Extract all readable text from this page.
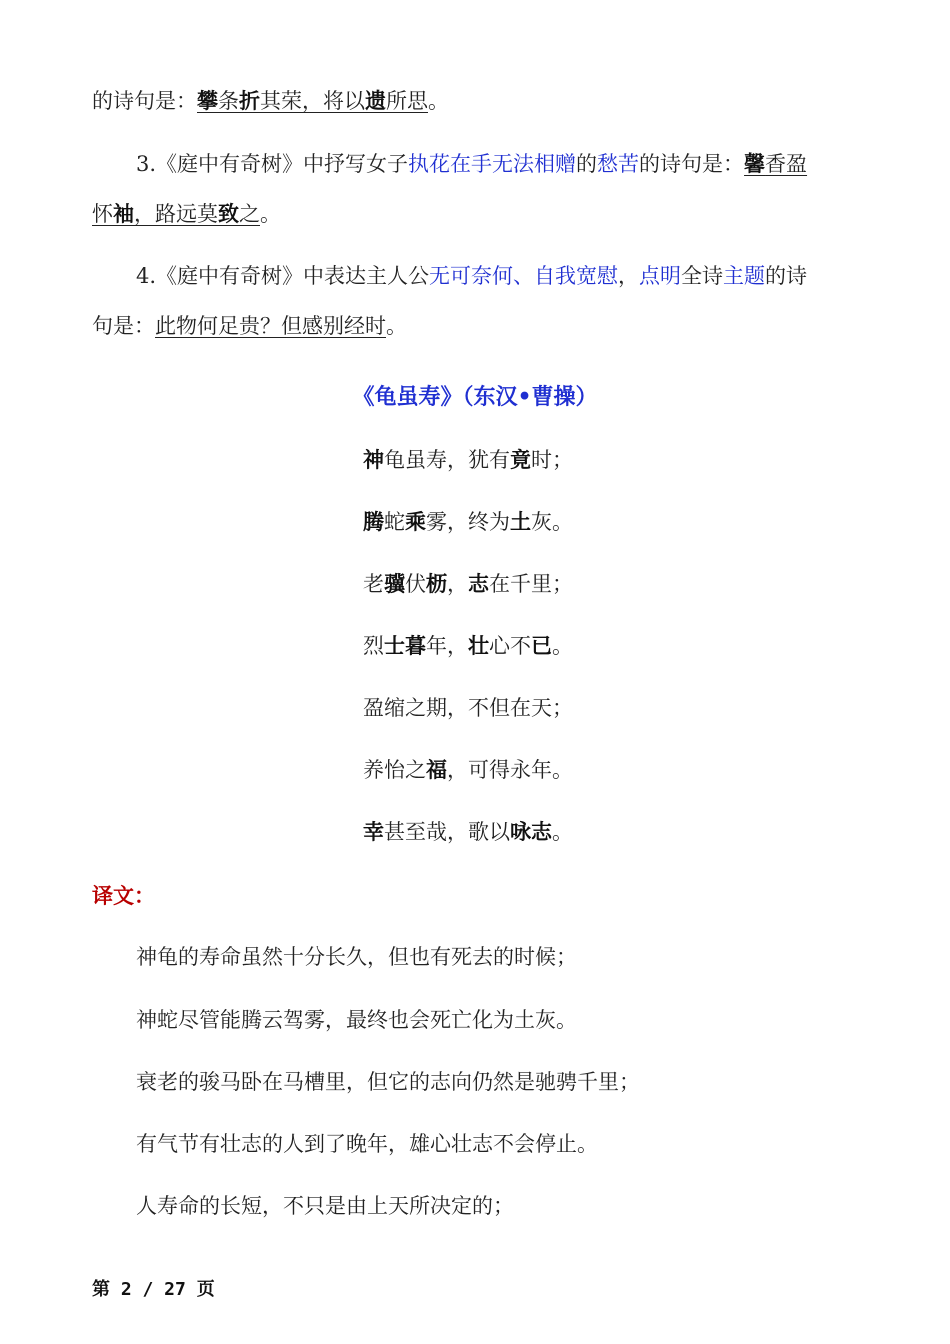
的诗句是：攀条折其荣，将以遗所思。
3.《庭中有奇树》中抒写女子执花在手无法相赠的愁苦的诗句是：馨香盈
怀袖，路远莫致之。
4.《庭中有奇树》中表达主人公无可奈何、自我宽慰，点明全诗主题的诗
句是：此物何足贵？但感别经时。
《龟虽寿》（东汉•曹操）
神龟虽寿，犹有竟时；
腾蛇乘雾，终为土灰。
老骥伏枥，志在千里；
烈士暮年，壮心不已。
盈缩之期，不但在天；
养怡之福，可得永年。
幸甚至哉，歌以咏志。
译文：
神龟的寿命虽然十分长久，但也有死去的时候；
神蛇尽管能腾云驾雾，最终也会死亡化为土灰。
衰老的骏马卧在马槽里，但它的志向仍然是驰骋千里；
有气节有壮志的人到了晚年，雄心壮志不会停止。
人寿命的长短，不只是由上天所决定的；
第 2 / 27 页
